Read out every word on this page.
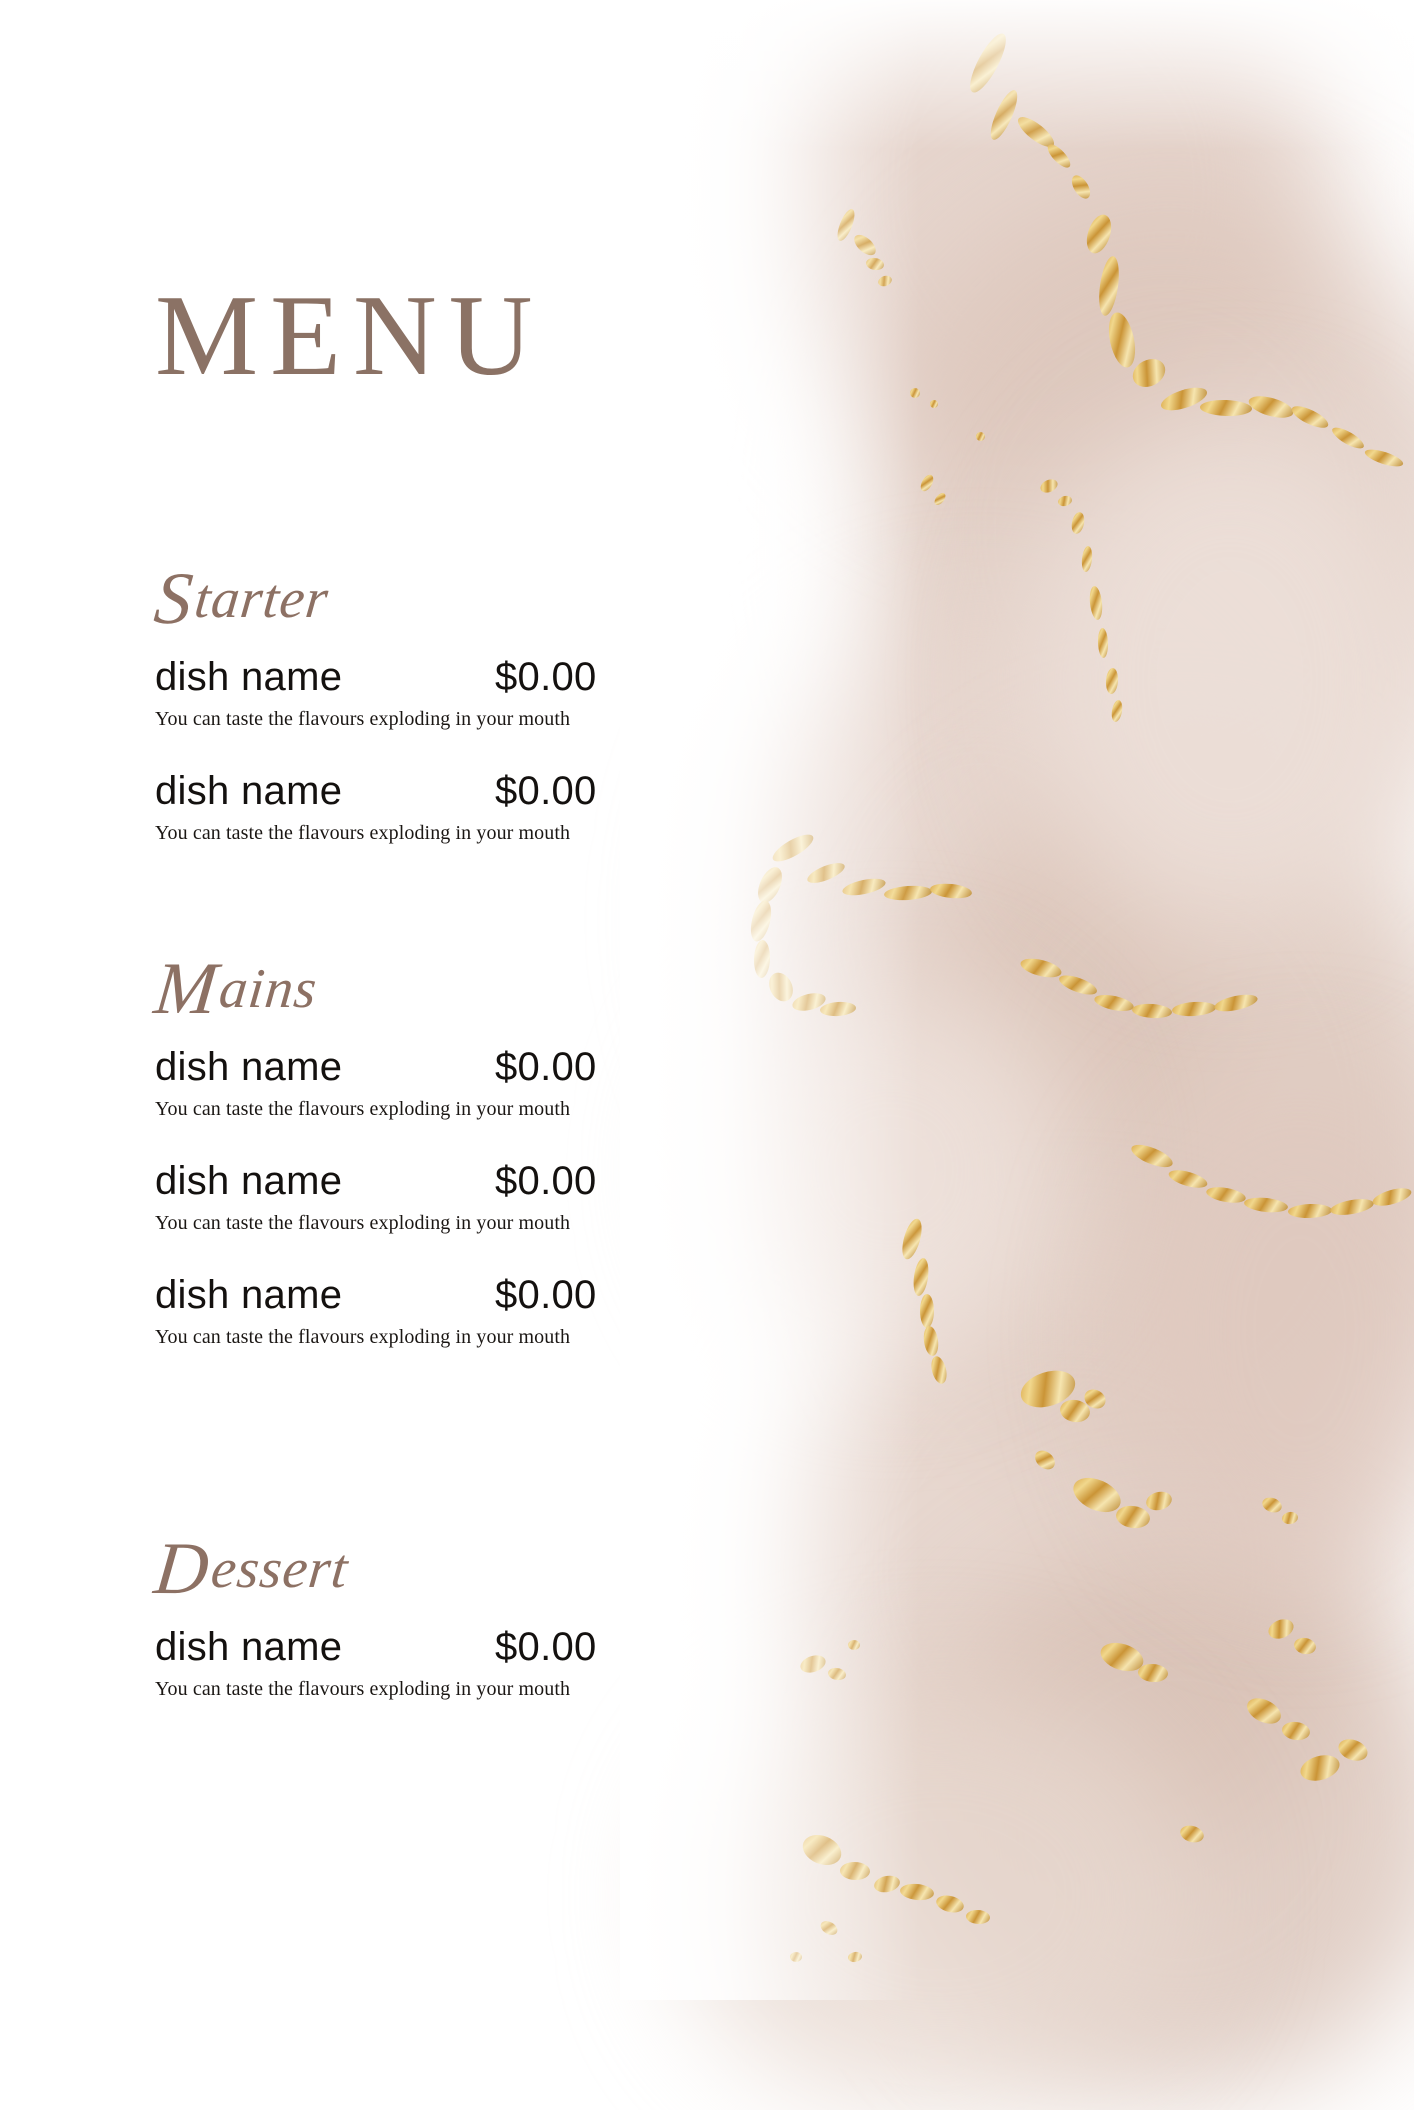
MENU
Starter
dish name	$0.00
You can taste the flavours exploding in your mouth
dish name	$0.00
You can taste the flavours exploding in your mouth
Mains
dish name	$0.00
You can taste the flavours exploding in your mouth
dish name	$0.00
You can taste the flavours exploding in your mouth
dish name	$0.00
You can taste the flavours exploding in your mouth
Dessert
dish name	$0.00
You can taste the flavours exploding in your mouth
